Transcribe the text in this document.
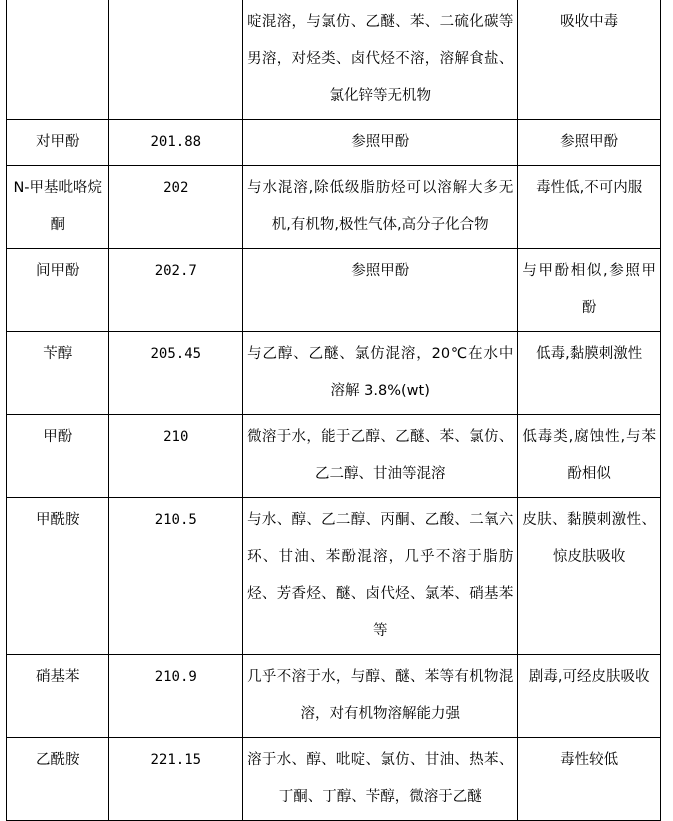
		啶混溶，与氯仿、乙醚、苯、二硫化碳等男溶，对烃类、卤代烃不溶，溶解食盐、氯化锌等无机物	吸收中毒

对甲酚	201.88	参照甲酚	参照甲酚

N-甲基吡咯烷酮	202	与水混溶,除低级脂肪烃可以溶解大多无机,有机物,极性气体,高分子化合物	毒性低,不可内服

间甲酚	202.7	参照甲酚	与甲酚相似,参照甲酚

苄醇	205.45	与乙醇、乙醚、氯仿混溶，20℃在水中溶解 3.8%(wt)	低毒,黏膜刺激性

甲酚	210	微溶于水，能于乙醇、乙醚、苯、氯仿、乙二醇、甘油等混溶	低毒类,腐蚀性,与苯酚相似

甲酰胺	210.5	与水、醇、乙二醇、丙酮、乙酸、二氧六环、甘油、苯酚混溶，几乎不溶于脂肪烃、芳香烃、醚、卤代烃、氯苯、硝基苯等	皮肤、黏膜刺激性、惊皮肤吸收

硝基苯	210.9	几乎不溶于水，与醇、醚、苯等有机物混溶，对有机物溶解能力强	剧毒,可经皮肤吸收

乙酰胺	221.15	溶于水、醇、吡啶、氯仿、甘油、热苯、丁酮、丁醇、苄醇，微溶于乙醚	毒性较低
